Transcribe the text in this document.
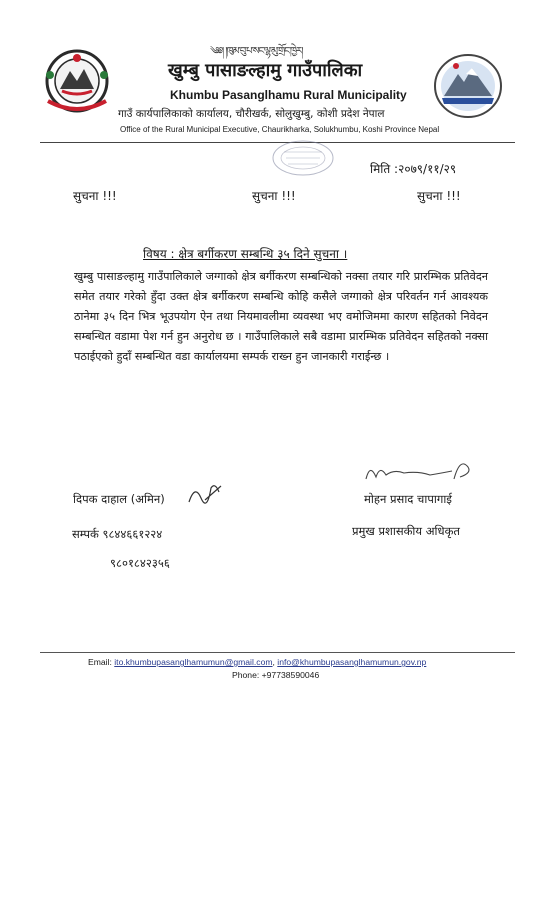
༄༅། །ཁུམ་བུ་པ་སང་ལྷ་མུ་གྲོང་ཁྱེར།
खुम्बु पासाङल्हामु गाउँपालिका
Khumbu Pasanglhamu Rural Municipality
गाउँ कार्यपालिकाको कार्यालय, चौरीखर्क, सोलुखुम्बु, कोशी प्रदेश नेपाल
Office of the Rural Municipal Executive, Chaurikharka, Solukhumbu, Koshi Province Nepal
मिति :२०७९/११/२९
सुचना !!!	सुचना !!!	सुचना !!!
विषय : क्षेत्र बर्गीकरण सम्बन्धि ३५ दिने सुचना ।
खुम्बु पासाङल्हामु गाउँपालिकाले जग्गाको क्षेत्र बर्गीकरण सम्बन्धिको नक्सा तयार गरि प्रारम्भिक प्रतिवेदन समेत तयार गरेको हुँदा उक्त क्षेत्र बर्गीकरण सम्बन्धि कोहि कसैले जग्गाको क्षेत्र परिवर्तन गर्न आवश्यक ठानेमा ३५ दिन भित्र भूउपयोग ऐन तथा नियमावलीमा व्यवस्था भए वमोजिममा कारण सहितको निवेदन सम्बन्धित वडामा पेश गर्न हुन अनुरोध छ । गाउँपालिकाले सबै वडामा प्रारम्भिक प्रतिवेदन सहितको नक्सा पठाईएको हुदाँ सम्बन्धित वडा कार्यालयमा सम्पर्क राख्न हुन जानकारी गराईन्छ ।
दिपक दाहाल (अमिन)
सम्पर्क ९८४४६६१२२४
९८०१८४२३५६
मोहन प्रसाद चापागाई
प्रमुख प्रशासकीय अधिकृत
Email: ito.khumbupasanglhamumun@gmail.com, info@khumbupasanglhamumun.gov.np
Phone: +97738590046
